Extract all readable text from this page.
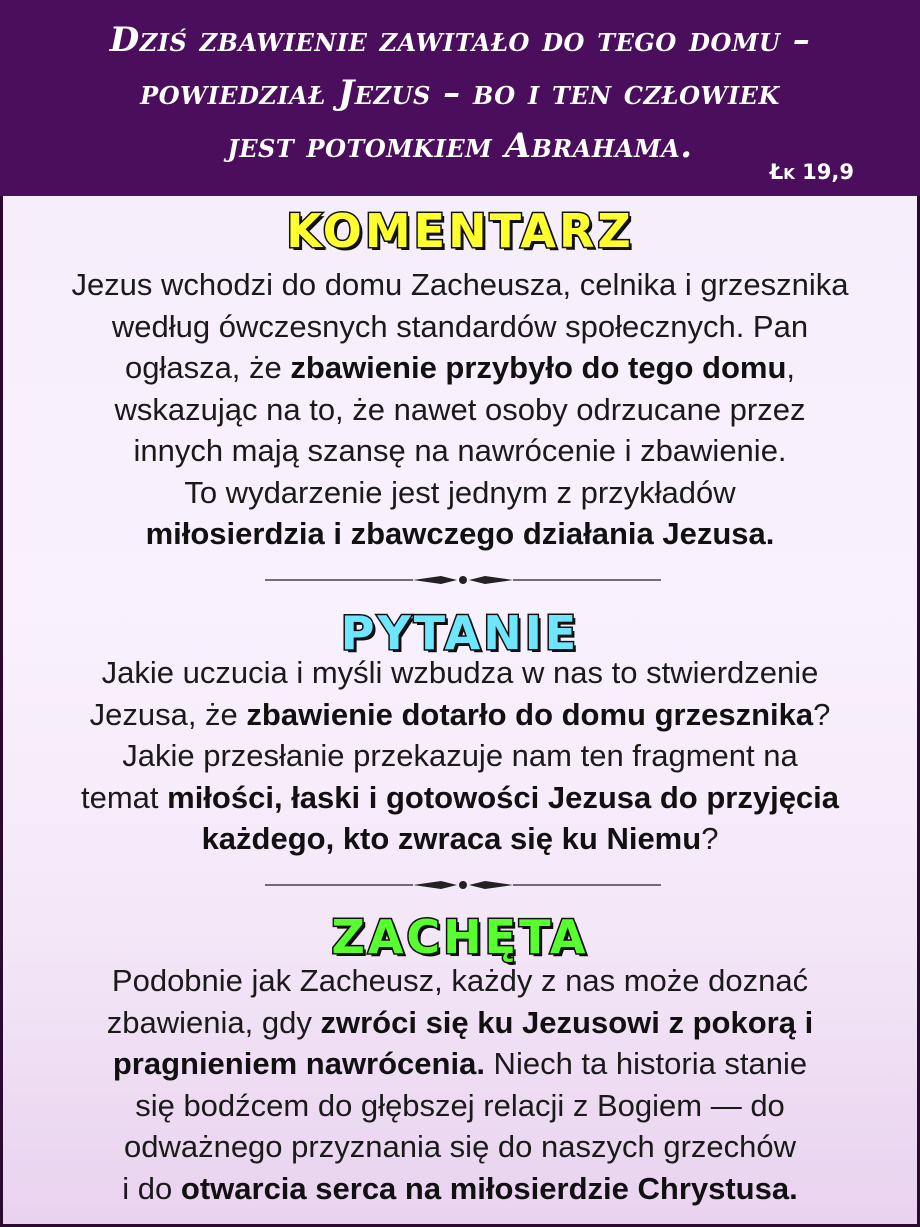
Dziś zbawienie zawitało do tego domu –
powiedział Jezus – bo i ten człowiek
jest potomkiem Abrahama.
Łk 19,9
KOMENTARZ
Jezus wchodzi do domu Zacheusza, celnika i grzesznika
według ówczesnych standardów społecznych. Pan
ogłasza, że zbawienie przybyło do tego domu,
wskazując na to, że nawet osoby odrzucane przez
innych mają szansę na nawrócenie i zbawienie.
To wydarzenie jest jednym z przykładów
miłosierdzia i zbawczego działania Jezusa.
PYTANIE
Jakie uczucia i myśli wzbudza w nas to stwierdzenie
Jezusa, że zbawienie dotarło do domu grzesznika?
Jakie przesłanie przekazuje nam ten fragment na
temat miłości, łaski i gotowości Jezusa do przyjęcia
każdego, kto zwraca się ku Niemu?
ZACHĘTA
Podobnie jak Zacheusz, każdy z nas może doznać
zbawienia, gdy zwróci się ku Jezusowi z pokorą i
pragnieniem nawrócenia. Niech ta historia stanie
się bodźcem do głębszej relacji z Bogiem — do
odważnego przyznania się do naszych grzechów
i do otwarcia serca na miłosierdzie Chrystusa.
